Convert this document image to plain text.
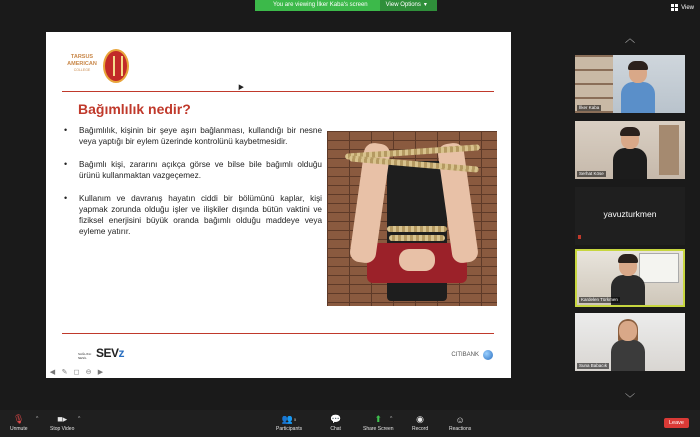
You are viewing İlker Kaba's screen	View Options ▾	View
TARSUS
AMERICAN
COLLEGE
Bağımlılık nedir?
• Bağımlılık, kişinin bir şeye aşırı bağlanması, kullandığı bir nesne veya yaptığı bir eylem üzerinde kontrolünü kaybetmesidir.
• Bağımlı kişi, zararını açıkça görse ve bilse bile bağımlı olduğu ürünü kullanmaktan vazgeçemez.
• Kullanım ve davranış hayatın ciddi bir bölümünü kaplar, kişi yapmak zorunda olduğu işler ve ilişkiler dışında bütün vaktini ve fiziksel enerjisini büyük oranda bağımlı olduğu maddeye veya eyleme yatırır.
SAĞLIKLI NESİL SEVz	CITIBANK
◀ ✎ ◻ ⊖ ▶
︿
İlker Kaba
Serhat Köse
yavuzturkmen
Kardelen Türkmen
Suna Babacık
﹀
🎙
Unmute
^ ■▸
Stop Video
^	👥 5
Participants
💬
Chat
⬆
Share Screen
^	◉
Record
☺
Reactions
Leave
